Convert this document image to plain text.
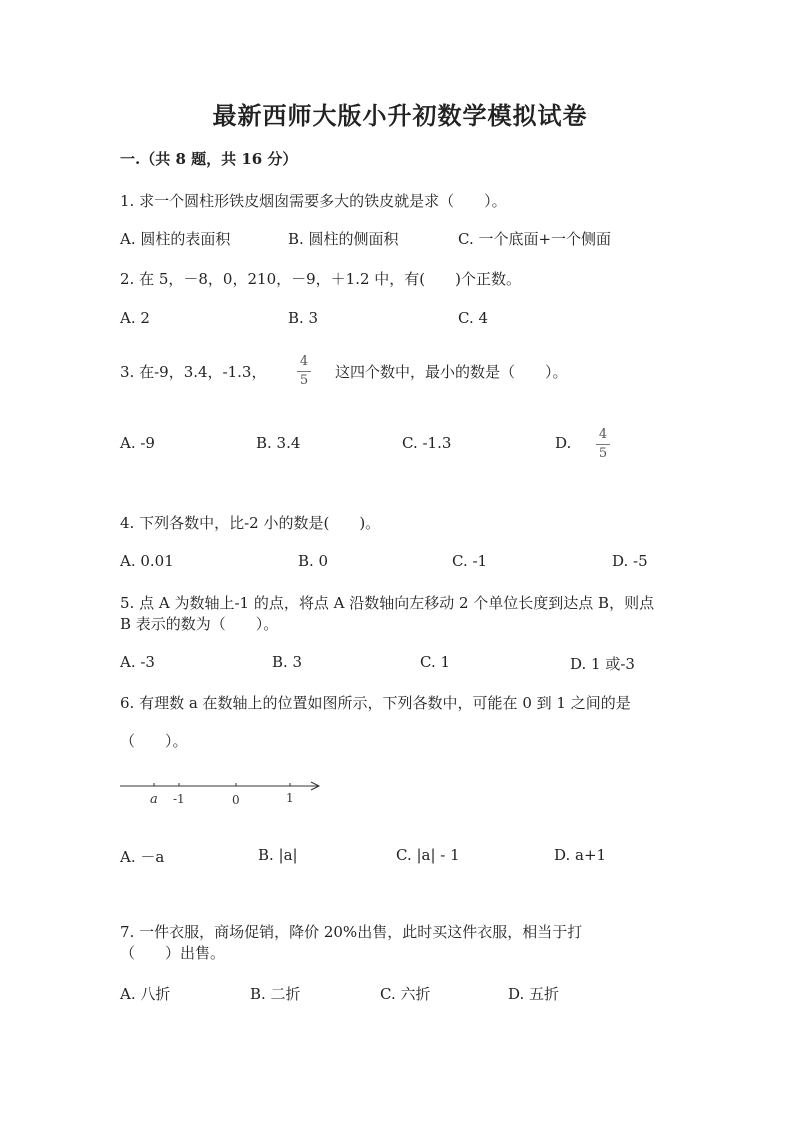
最新西师大版小升初数学模拟试卷
一.（共 8 题，共 16 分）
1. 求一个圆柱形铁皮烟囱需要多大的铁皮就是求（　　）。
A. 圆柱的表面积	B. 圆柱的侧面积	C. 一个底面+一个侧面
2. 在 5，－8，0，210，－9，＋1.2 中，有(　　)个正数。
A. 2	B. 3	C. 4
3. 在-9，3.4，-1.3，
4
5 这四个数中，最小的数是（　　）。
A. -9	B. 3.4	C. -1.3	D. 4
5
4. 下列各数中，比-2 小的数是(　　)。
A. 0.01	B. 0	C. -1	D. -5
5. 点 A 为数轴上-1 的点，将点 A 沿数轴向左移动 2 个单位长度到达点 B，则点
B 表示的数为（　　）。
A. -3	B. 3	C. 1	D. 1 或-3
6. 有理数 a 在数轴上的位置如图所示，下列各数中，可能在 0 到 1 之间的是
（　　）。
a -1	0	1
A. －a	B. |a|	C. |a| - 1	D. a+1
7. 一件衣服，商场促销，降价 20%出售，此时买这件衣服，相当于打
（　　）出售。
A. 八折	B. 二折	C. 六折	D. 五折
